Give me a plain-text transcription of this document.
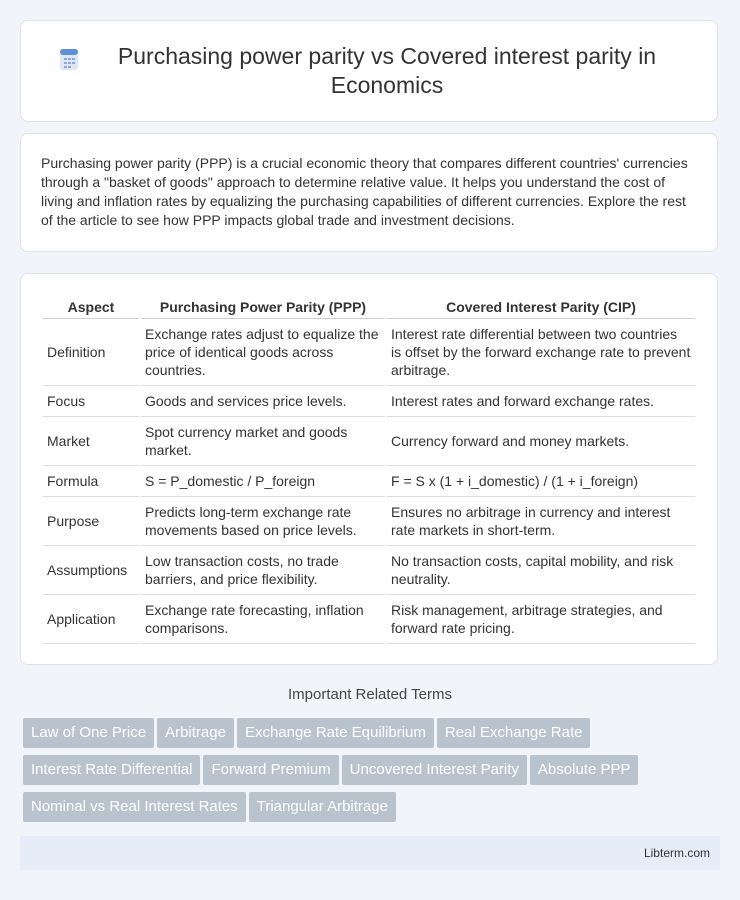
Purchasing power parity vs Covered interest parity in Economics

Purchasing power parity (PPP) is a crucial economic theory that compares different countries' currencies through a "basket of goods" approach to determine relative value. It helps you understand the cost of living and inflation rates by equalizing the purchasing capabilities of different currencies. Explore the rest of the article to see how PPP impacts global trade and investment decisions.

Aspect	Purchasing Power Parity (PPP)	Covered Interest Parity (CIP)
Definition	Exchange rates adjust to equalize the price of identical goods across countries.	Interest rate differential between two countries is offset by the forward exchange rate to prevent arbitrage.
Focus	Goods and services price levels.	Interest rates and forward exchange rates.
Market	Spot currency market and goods market.	Currency forward and money markets.
Formula	S = P_domestic / P_foreign	F = S x (1 + i_domestic) / (1 + i_foreign)
Purpose	Predicts long-term exchange rate movements based on price levels.	Ensures no arbitrage in currency and interest rate markets in short-term.
Assumptions	Low transaction costs, no trade barriers, and price flexibility.	No transaction costs, capital mobility, and risk neutrality.
Application	Exchange rate forecasting, inflation comparisons.	Risk management, arbitrage strategies, and forward rate pricing.
Important Related Terms
Law of One Price Arbitrage Exchange Rate Equilibrium Real Exchange Rate
Interest Rate Differential Forward Premium Uncovered Interest Parity Absolute PPP
Nominal vs Real Interest Rates Triangular Arbitrage
Libterm.com
